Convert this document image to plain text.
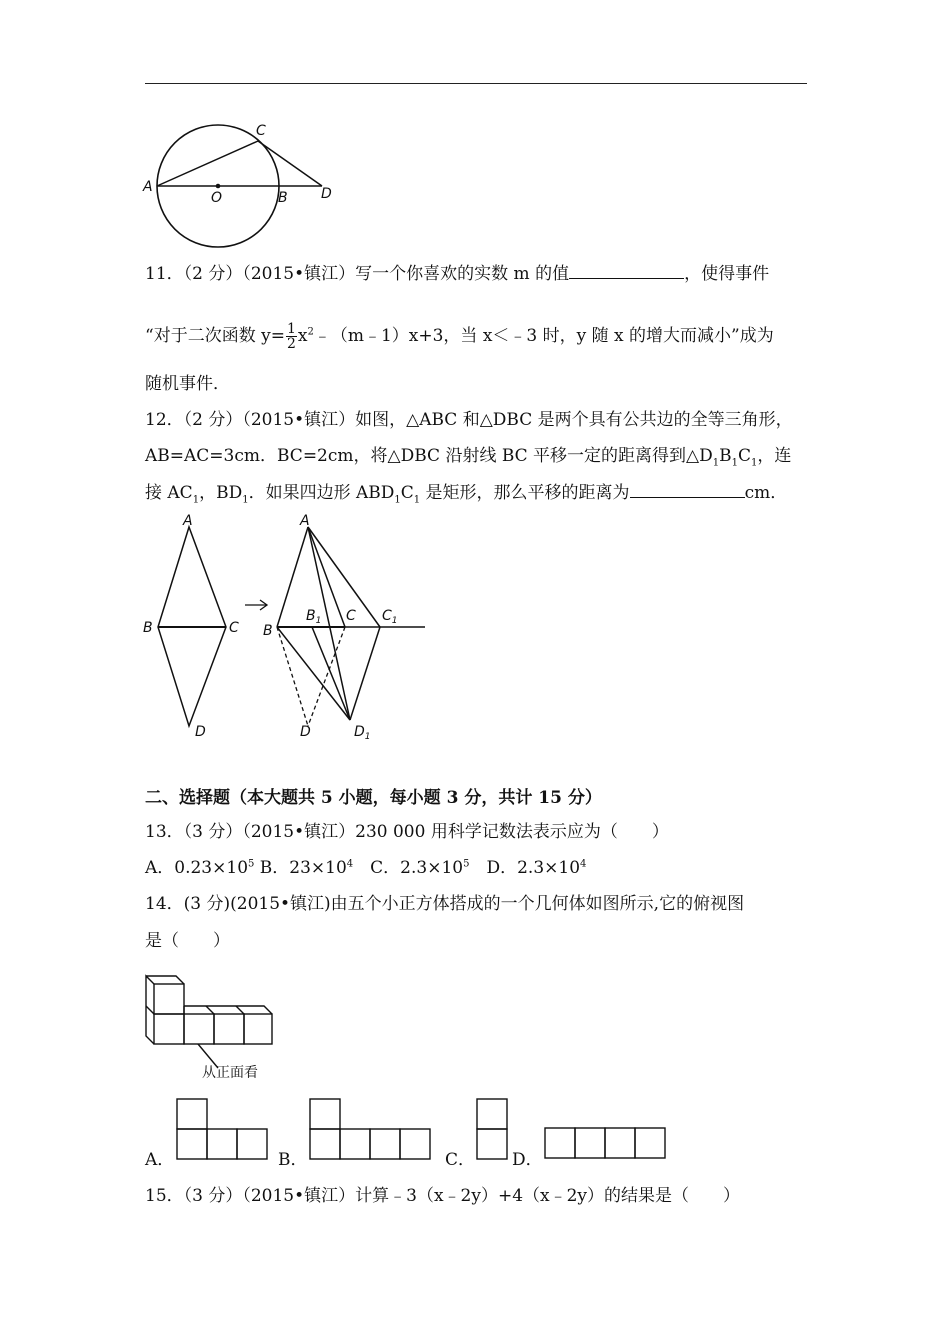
A
O	B
C
D
11．（2 分）（2015•镇江）写一个你喜欢的实数 m 的值	，使得事件
“对于二次函数 $y= \frac{1}{2}$ $x^2﹣(m﹣1)x+3$，当 x＜﹣3 时，y 随 x 的增大而减小”成为
随机事件．
12．（2 分）（2015•镇江）如图，△ABC 和△DBC 是两个具有公共边的全等三角形，
AB=AC=3cm．BC=2cm，将△DBC 沿射线 BC 平移一定的距离得到$\triangle D_1B_1C_1$，连
接 $AC_1$，$BD_1$．如果四边形 $ABD_1C_1$ 是矩形，那么平移的距离为	cm．
A
B	C
D
A
B
$B_1$ C $C_1$
D	$D_1$
二、选择题（本大题共 5 小题，每小题 3 分，共计 15 分）
13．（3 分）（2015•镇江）230 000 用科学记数法表示应为（　　）
A．$0.23\times 10^5$ B．$23\times 10^4$　C．$2.3\times 10^5$　D．$2.3\times 10^4$
14．(3 分)(2015•镇江)由五个小正方体搭成的一个几何体如图所示,它的俯视图
是（　　）
从正面看
A．	B．	C． D．
15．（3 分）（2015•镇江）计算﹣3（x﹣2y）+4（x﹣2y）的结果是（　　）
